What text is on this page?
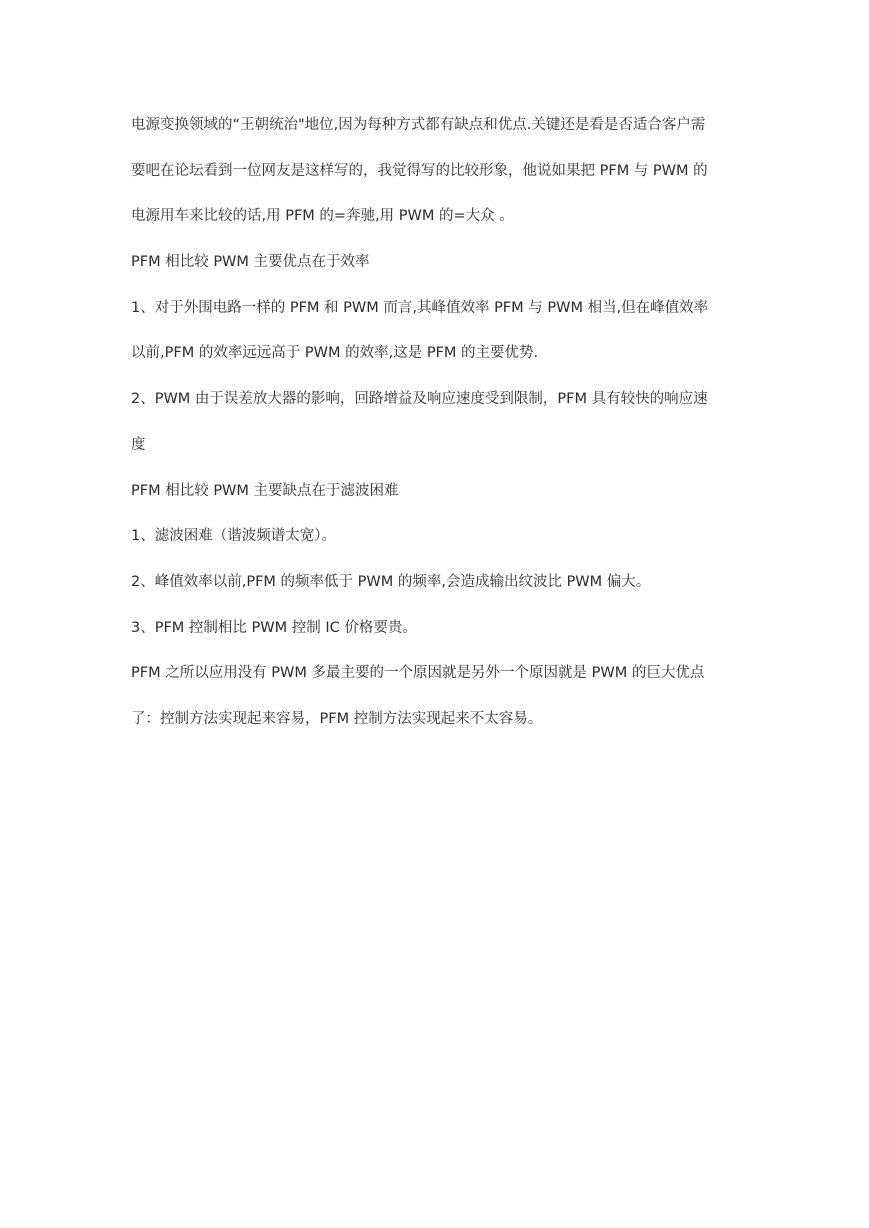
电源变换领域的“王朝统治"地位,因为每种方式都有缺点和优点.关键还是看是否适合客户需
要吧在论坛看到一位网友是这样写的，我觉得写的比较形象，他说如果把 PFM 与 PWM 的
电源用车来比较的话,用 PFM 的=奔驰,用 PWM 的=大众 。
PFM 相比较 PWM 主要优点在于效率
1、对于外围电路一样的 PFM 和 PWM 而言,其峰值效率 PFM 与 PWM 相当,但在峰值效率
以前,PFM 的效率远远高于 PWM 的效率,这是 PFM 的主要优势.
2、PWM 由于误差放大器的影响，回路增益及响应速度受到限制，PFM 具有较快的响应速
度
PFM 相比较 PWM 主要缺点在于滤波困难
1、滤波困难（谐波频谱太宽）。
2、峰值效率以前,PFM 的频率低于 PWM 的频率,会造成输出纹波比 PWM 偏大。
3、PFM 控制相比 PWM 控制 IC 价格要贵。
PFM 之所以应用没有 PWM 多最主要的一个原因就是另外一个原因就是 PWM 的巨大优点
了：控制方法实现起来容易，PFM 控制方法实现起来不太容易。
